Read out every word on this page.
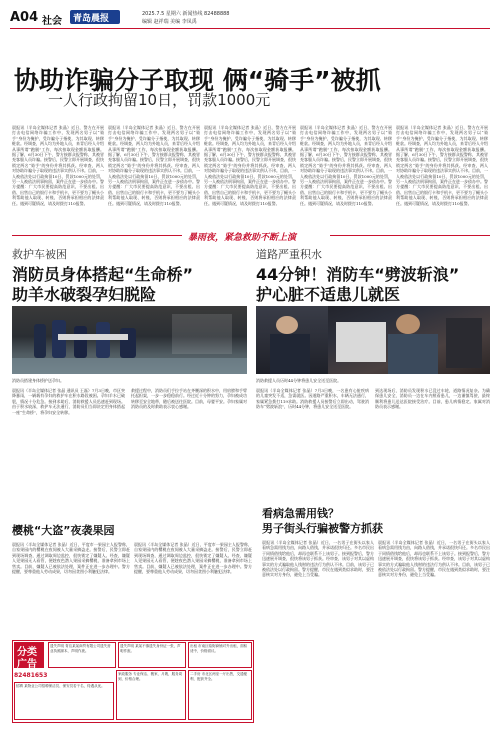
A04 社会 青岛晨报	2025.7.5 星期六 新闻热线 82488888
编辑 赵祥瑞 美编 李凤禹
协助诈骗分子取现 俩“骑手”被抓
一人行政拘留10日，罚款1000元
晨报讯（半岛全媒体记者 张晶）近日，警方在开展打击电信网络诈骗工作中，发现两名男子以“骑手”身份为掩护，受诈骗分子指使，为其取现、转移赃款。经调查，两人均为外地人员，来青后经人介绍从事所谓“跑腿”工作，每次按取现金额获取报酬。据了解，6月30日下午，警方接群众报警称，其被冒充客服人员诈骗。接警后，民警立即开展调查，很快锁定两名“骑手”的身份并将其抓获。经审查，两人对协助诈骗分子取现的违法事实供认不讳。目前，一人被依法处以行政拘留10日、罚款1000元的处罚，另一人被依法刑事拘留，案件正在进一步侦办中。警方提醒：广大市民要提高防范意识，不要出租、出借、出售自己的银行卡和手机卡，更不要为了蝇头小利帮助他人取现、转账，否则将承担相应的法律责任。遇到可疑情况，请及时拨打110报警。
晨报讯（半岛全媒体记者 张晶）近日，警方在开展打击电信网络诈骗工作中，发现两名男子以“骑手”身份为掩护，受诈骗分子指使，为其取现、转移赃款。经调查，两人均为外地人员，来青后经人介绍从事所谓“跑腿”工作，每次按取现金额获取报酬。据了解，6月30日下午，警方接群众报警称，其被冒充客服人员诈骗。接警后，民警立即开展调查，很快锁定两名“骑手”的身份并将其抓获。经审查，两人对协助诈骗分子取现的违法事实供认不讳。目前，一人被依法处以行政拘留10日、罚款1000元的处罚，另一人被依法刑事拘留，案件正在进一步侦办中。警方提醒：广大市民要提高防范意识，不要出租、出借、出售自己的银行卡和手机卡，更不要为了蝇头小利帮助他人取现、转账，否则将承担相应的法律责任。遇到可疑情况，请及时拨打110报警。
晨报讯（半岛全媒体记者 张晶）近日，警方在开展打击电信网络诈骗工作中，发现两名男子以“骑手”身份为掩护，受诈骗分子指使，为其取现、转移赃款。经调查，两人均为外地人员，来青后经人介绍从事所谓“跑腿”工作，每次按取现金额获取报酬。据了解，6月30日下午，警方接群众报警称，其被冒充客服人员诈骗。接警后，民警立即开展调查，很快锁定两名“骑手”的身份并将其抓获。经审查，两人对协助诈骗分子取现的违法事实供认不讳。目前，一人被依法处以行政拘留10日、罚款1000元的处罚，另一人被依法刑事拘留，案件正在进一步侦办中。警方提醒：广大市民要提高防范意识，不要出租、出借、出售自己的银行卡和手机卡，更不要为了蝇头小利帮助他人取现、转账，否则将承担相应的法律责任。遇到可疑情况，请及时拨打110报警。
晨报讯（半岛全媒体记者 张晶）近日，警方在开展打击电信网络诈骗工作中，发现两名男子以“骑手”身份为掩护，受诈骗分子指使，为其取现、转移赃款。经调查，两人均为外地人员，来青后经人介绍从事所谓“跑腿”工作，每次按取现金额获取报酬。据了解，6月30日下午，警方接群众报警称，其被冒充客服人员诈骗。接警后，民警立即开展调查，很快锁定两名“骑手”的身份并将其抓获。经审查，两人对协助诈骗分子取现的违法事实供认不讳。目前，一人被依法处以行政拘留10日、罚款1000元的处罚，另一人被依法刑事拘留，案件正在进一步侦办中。警方提醒：广大市民要提高防范意识，不要出租、出借、出售自己的银行卡和手机卡，更不要为了蝇头小利帮助他人取现、转账，否则将承担相应的法律责任。遇到可疑情况，请及时拨打110报警。
晨报讯（半岛全媒体记者 张晶）近日，警方在开展打击电信网络诈骗工作中，发现两名男子以“骑手”身份为掩护，受诈骗分子指使，为其取现、转移赃款。经调查，两人均为外地人员，来青后经人介绍从事所谓“跑腿”工作，每次按取现金额获取报酬。据了解，6月30日下午，警方接群众报警称，其被冒充客服人员诈骗。接警后，民警立即开展调查，很快锁定两名“骑手”的身份并将其抓获。经审查，两人对协助诈骗分子取现的违法事实供认不讳。目前，一人被依法处以行政拘留10日、罚款1000元的处罚，另一人被依法刑事拘留，案件正在进一步侦办中。警方提醒：广大市民要提高防范意识，不要出租、出借、出售自己的银行卡和手机卡，更不要为了蝇头小利帮助他人取现、转账，否则将承担相应的法律责任。遇到可疑情况，请及时拨打110报警。
暴雨夜，紧急救助不断上演
救护车被困
消防员身体搭起“生命桥”
助羊水破裂孕妇脱险
消防员搭建身体桥护送孕妇。
晨报讯（半岛全媒体记者 张晶 通讯员 王磊）7月3日晚，市区突降暴雨，一辆载有孕妇的救护车在积水路段被困。孕妇羊水已破裂，情况十分危急。接到求助后，消防救援人员迅速赶到现场。由于积水较深，救护车无法通行，消防员们当即决定用身体搭起一座“生命桥”，将孕妇安全转移。
救援过程中，消防员们手拉手站在齐腰深的积水中，用肩膀和手臂托起担架，一步一步稳稳前行。经过近十分钟的努力，孕妇被成功转移至安全地带，随后被送往医院。目前，母婴平安。孕妇家属对消防员的及时救助表示衷心感谢。
道路严重积水
44分钟！消防车“劈波斩浪”
护心脏不适患儿就医
消防救援人员历时44分钟将患儿安全送至医院。
晨报讯（半岛全媒体记者 张晶）7月3日晚，一名患有心脏疾病的儿童突发不适，急需就医。因道路严重积水，车辆无法通行，家属紧急拨打119求助。消防救援人员接警后立即出动，驾驶消防车“劈波斩浪”，历时44分钟，将患儿安全送至医院。
到达现场后，消防员发现积水已没过车轮，道路情况复杂。为确保患儿安全，消防员一边在车内照看患儿，一边谨慎驾驶，最终顺利将患儿送达医院接受治疗。目前，患儿病情稳定。家属对消防员表示感谢。
樱桃“大盗”夜袭果园
晨报讯（半岛全媒体记者 张晶）近日，平度市一果园主人报警称，自家果园内的樱桃在夜间被人大量采摘盗走。接警后，民警立即赶到现场调查，通过调取周边监控，很快锁定了嫌疑人。经查，嫌疑人见果园无人看管，便趁夜色潜入果园采摘樱桃，准备拿到市场上售卖。目前，嫌疑人已被依法处理，案件正在进一步办理中。警方提醒，要尊重他人劳动成果，切勿因贪图小利触犯法律。
晨报讯（半岛全媒体记者 张晶）近日，平度市一果园主人报警称，自家果园内的樱桃在夜间被人大量采摘盗走。接警后，民警立即赶到现场调查，通过调取周边监控，很快锁定了嫌疑人。经查，嫌疑人见果园无人看管，便趁夜色潜入果园采摘樱桃，准备拿到市场上售卖。目前，嫌疑人已被依法处理，案件正在进一步办理中。警方提醒，要尊重他人劳动成果，切勿因贪图小利触犯法律。
看病急需用钱？
男子街头行骗被警方抓获
晨报讯（半岛全媒体记者 张晶）近日，一名男子在街头以家人看病急需用钱为由，向路人借钱，并承诺很快归还。多名市民出于同情借钱给他后，却再也联系不上该男子。接到报警后，警方迅速展开调查，很快将该男子抓获。经审查，该男子对其以虚构事实的方式骗取他人钱财的违法行为供认不讳。目前，该男子已被依法处以行政拘留。警方提醒，市民在遇到类似求助时，要注意核实对方身份，避免上当受骗。
晨报讯（半岛全媒体记者 张晶）近日，一名男子在街头以家人看病急需用钱为由，向路人借钱，并承诺很快归还。多名市民出于同情借钱给他后，却再也联系不上该男子。接到报警后，警方迅速展开调查，很快将该男子抓获。经审查，该男子对其以虚构事实的方式骗取他人钱财的违法行为供认不讳。目前，该男子已被依法处以行政拘留。警方提醒，市民在遇到类似求助时，要注意核实对方身份，避免上当受骗。
分类
广告
82481653
遗失声明 青岛某某商贸有限公司遗失营业执照副本，声明作废。
遗失声明 某某不慎遗失身份证一张，声明作废。
出租 市南区临街商铺对外出租，面积适中，价格面议。
招聘 某物业公司招聘保洁员、保安员若干名，待遇从优。
家政服务 专业保洁、搬家、月嫂，服务周到，价格合理。
二手房 市北区两室一厅出售，交通便利，配套齐全。
